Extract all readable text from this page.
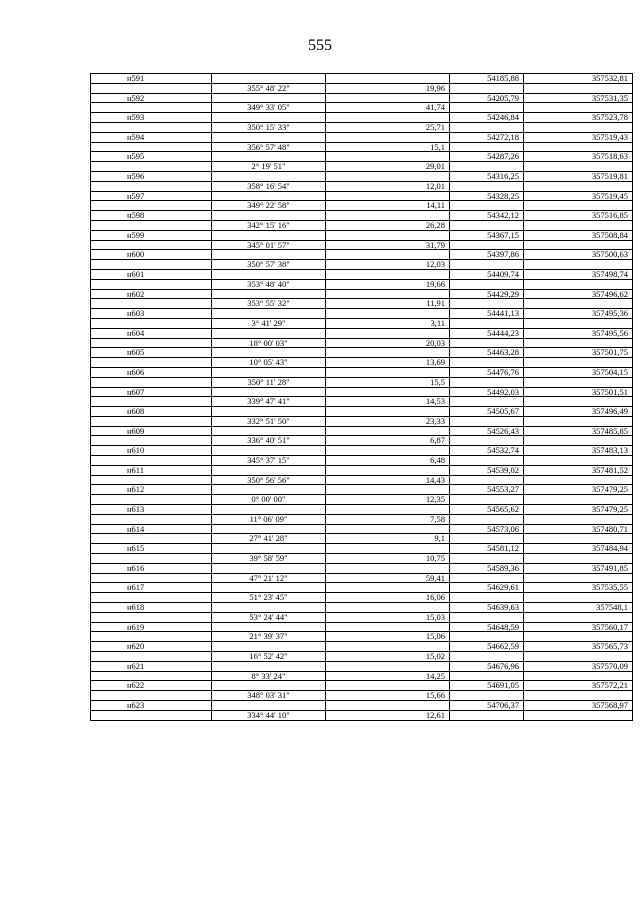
555
н591			54185,88	357532,81
	355° 48' 22"	19,96		
н592			54205,79	357531,35
	349° 33' 05"	41,74		
н593			54246,84	357523,78
	350° 15' 33"	25,71		
н594			54272,18	357519,43
	356° 57' 48"	15,1		
н595			54287,26	357518,63
	2° 19' 51"	29,01		
н596			54316,25	357519,81
	358° 16' 54"	12,01		
н597			54328,25	357519,45
	349° 22' 58"	14,11		
н598			54342,12	357516,85
	342° 15' 16"	26,28		
н599			54367,15	357508,84
	345° 01' 57"	31,79		
н600			54397,86	357500,63
	350° 57' 38"	12,03		
н601			54409,74	357498,74
	353° 48' 40"	19,66		
н602			54429,29	357496,62
	353° 55' 32"	11,91		
н603			54441,13	357495,36
	3° 41' 29"	3,11		
н604			54444,23	357495,56
	18° 00' 03"	20,03		
н605			54463,28	357501,75
	10° 05' 43"	13,69		
н606			54476,76	357504,15
	350° 11' 28"	15,5		
н607			54492,03	357501,51
	339° 47' 41"	14,53		
н608			54505,67	357496,49
	332° 51' 50"	23,33		
н609			54526,43	357485,85
	336° 40' 51"	6,87		
н610			54532,74	357483,13
	345° 37' 15"	6,48		
н611			54539,02	357481,52
	350° 56' 56"	14,43		
н612			54553,27	357479,25
	0° 00' 00"	12,35		
н613			54565,62	357479,25
	11° 06' 09"	7,58		
н614			54573,06	357480,71
	27° 41' 28"	9,1		
н615			54581,12	357484,94
	39° 58' 59"	10,75		
н616			54589,36	357491,85
	47° 21' 12"	59,41		
н617			54629,61	357535,55
	51° 23' 45"	16,06		
н618			54639,63	357548,1
	53° 24' 44"	15,03		
н619			54648,59	357560,17
	21° 39' 37"	15,06		
н620			54662,59	357565,73
	16° 52' 42"	15,02		
н621			54676,96	357570,09
	8° 33' 24"	14,25		
н622			54691,05	357572,21
	348° 03' 31"	15,66		
н623			54706,37	357568,97
	334° 44' 10"	12,61		
